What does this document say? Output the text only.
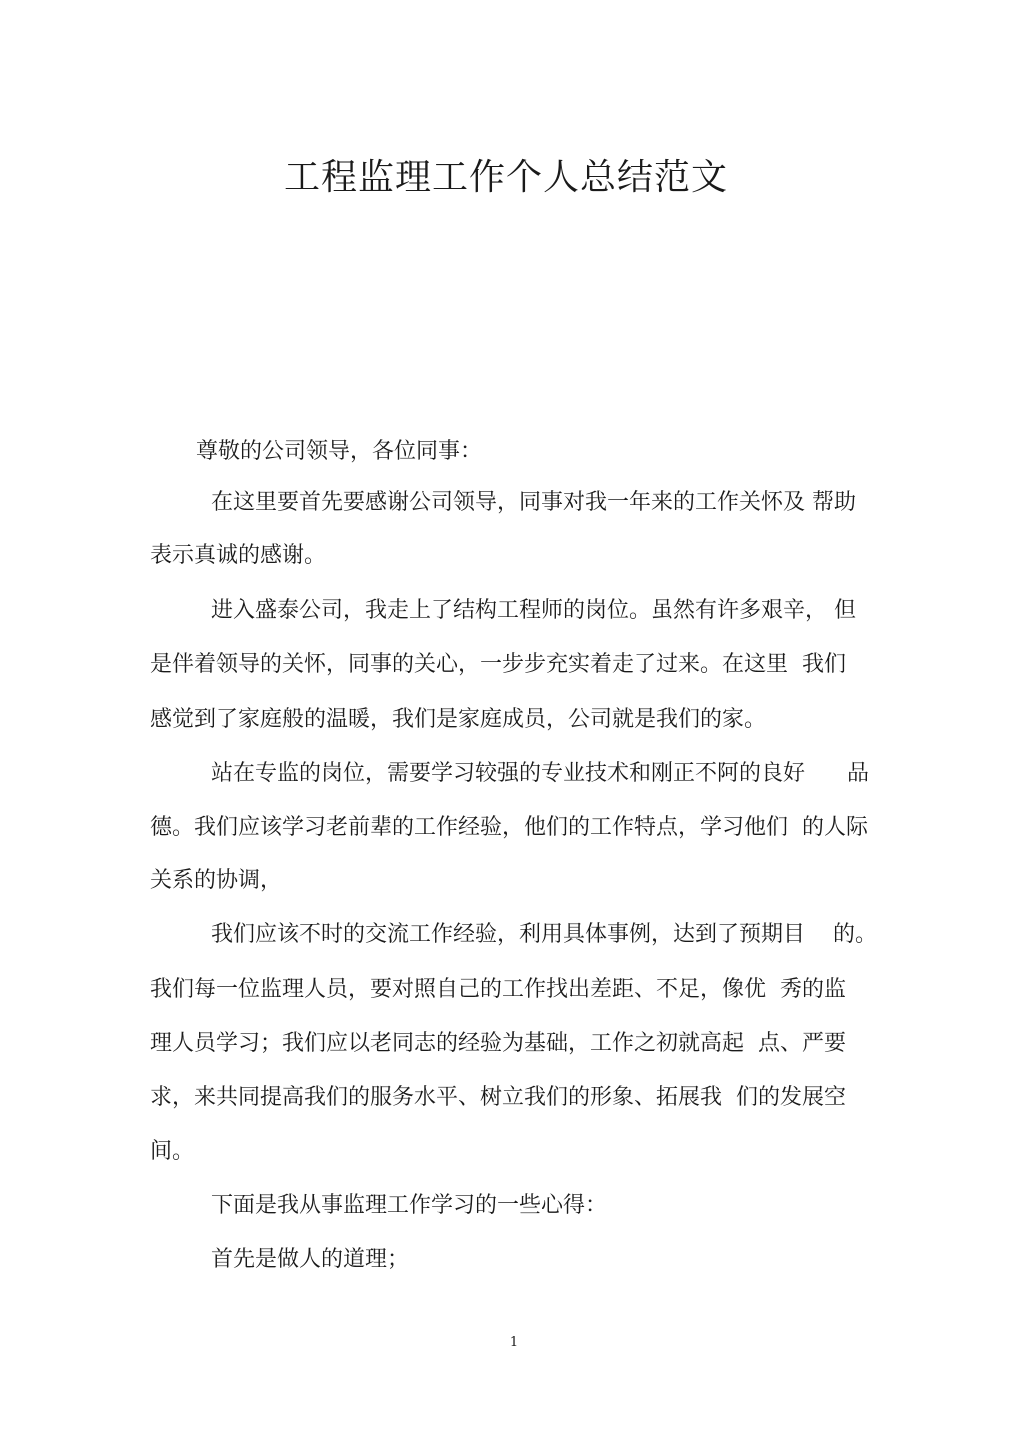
工程监理工作个人总结范文
尊敬的公司领导，各位同事：
在这里要首先要感谢公司领导，同事对我一年来的工作关怀及 帮助
表示真诚的感谢。
进入盛泰公司，我走上了结构工程师的岗位。虽然有许多艰辛， 但
是伴着领导的关怀，同事的关心，一步步充实着走了过来。在这里  我们
感觉到了家庭般的温暖，我们是家庭成员，公司就是我们的家。
站在专监的岗位，需要学习较强的专业技术和刚正不阿的良好      品
德。我们应该学习老前辈的工作经验，他们的工作特点，学习他们  的人际
关系的协调，
我们应该不时的交流工作经验，利用具体事例，达到了预期目    的。
我们每一位监理人员，要对照自己的工作找出差距、不足，像优  秀的监
理人员学习；我们应以老同志的经验为基础，工作之初就高起  点、严要
求，来共同提高我们的服务水平、树立我们的形象、拓展我  们的发展空
间。
下面是我从事监理工作学习的一些心得：
首先是做人的道理；
1
